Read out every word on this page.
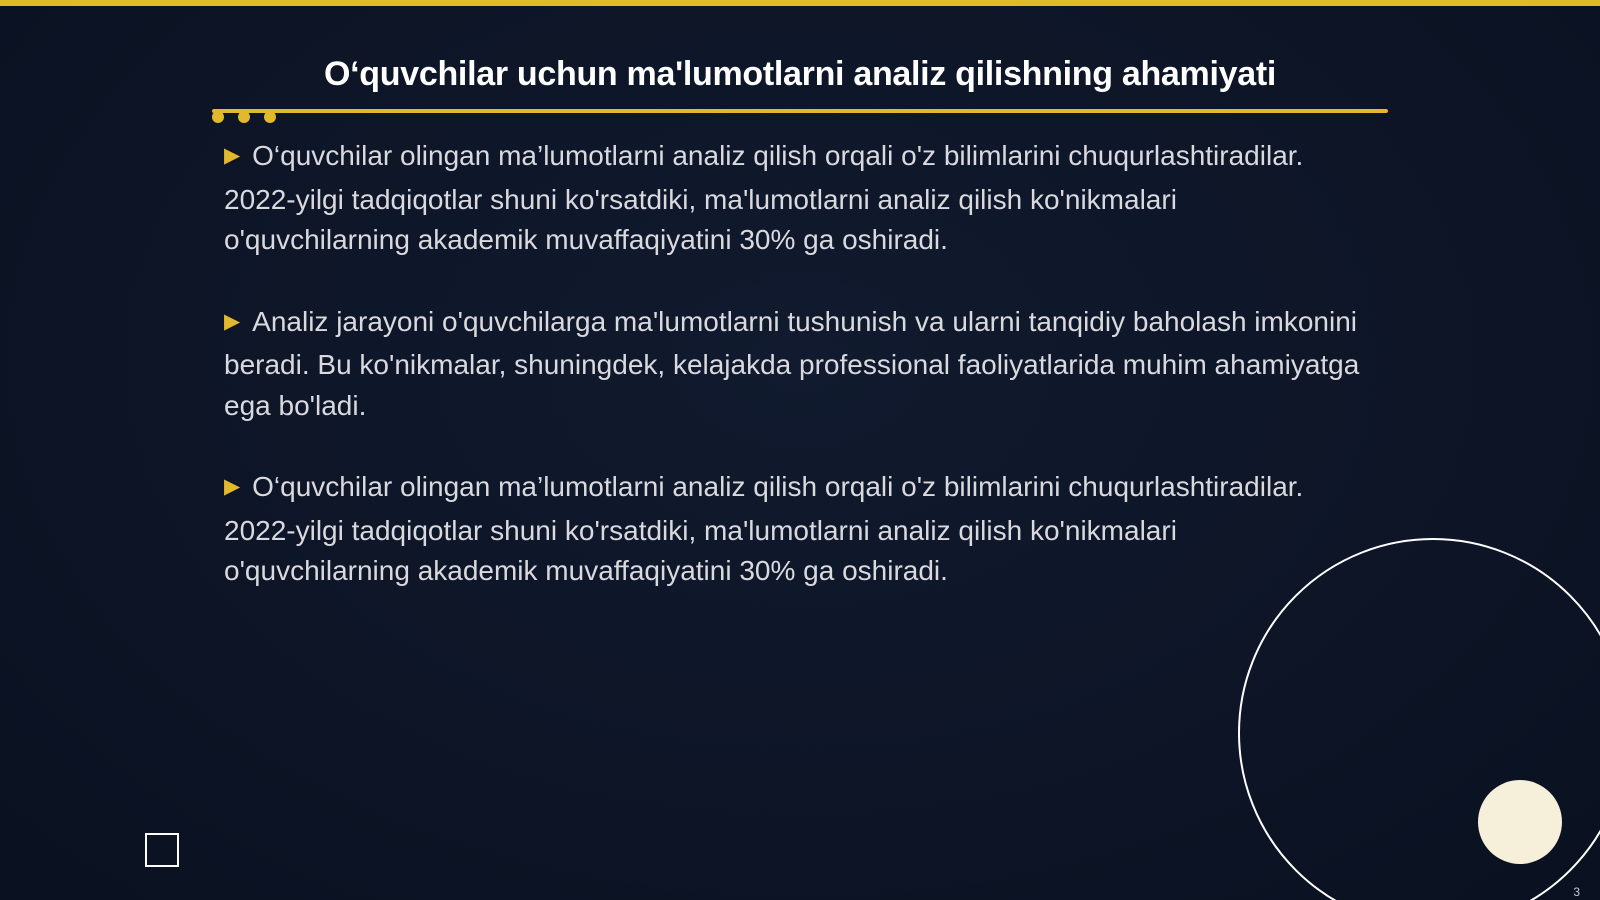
O‘quvchilar uchun ma'lumotlarni analiz qilishning ahamiyati

▶ O‘quvchilar olingan ma’lumotlarni analiz qilish orqali o'z bilimlarini chuqurlashtiradilar. 2022-yilgi tadqiqotlar shuni ko'rsatdiki, ma'lumotlarni analiz qilish ko'nikmalari o'quvchilarning akademik muvaffaqiyatini 30% ga oshiradi.

▶ Analiz jarayoni o'quvchilarga ma'lumotlarni tushunish va ularni tanqidiy baholash imkonini beradi. Bu ko'nikmalar, shuningdek, kelajakda professional faoliyatlarida muhim ahamiyatga ega bo'ladi.

▶ O‘quvchilar olingan ma’lumotlarni analiz qilish orqali o'z bilimlarini chuqurlashtiradilar. 2022-yilgi tadqiqotlar shuni ko'rsatdiki, ma'lumotlarni analiz qilish ko'nikmalari o'quvchilarning akademik muvaffaqiyatini 30% ga oshiradi.

3
